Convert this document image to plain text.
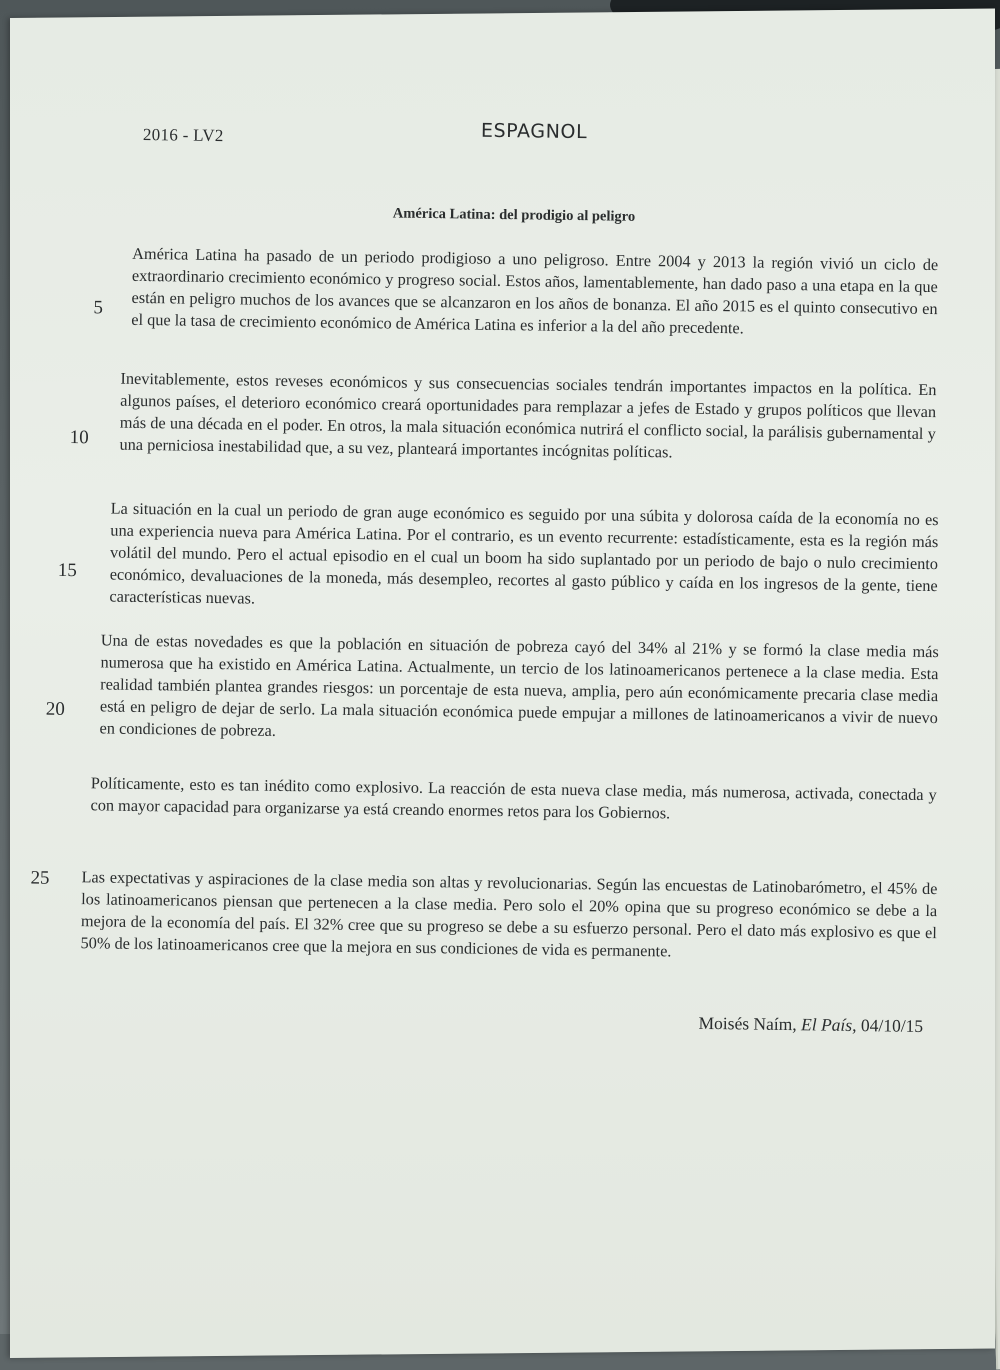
2016 - LV2	ESPAGNOL
América Latina: del prodigio al peligro

América Latina ha pasado de un periodo prodigioso a uno peligroso. Entre 2004 y 2013 la región vivió un ciclo de extraordinario crecimiento económico y progreso social. Estos años, lamentablemente, han dado paso a una etapa en la que están en peligro muchos de los avances que se alcanzaron en los años de bonanza. El año 2015 es el quinto consecutivo en el que la tasa de crecimiento económico de América Latina es inferior a la del año precedente.

Inevitablemente, estos reveses económicos y sus consecuencias sociales tendrán importantes impactos en la política. En algunos países, el deterioro económico creará oportunidades para remplazar a jefes de Estado y grupos políticos que llevan más de una década en el poder. En otros, la mala situación económica nutrirá el conflicto social, la parálisis gubernamental y una perniciosa inestabilidad que, a su vez, planteará importantes incógnitas políticas.

La situación en la cual un periodo de gran auge económico es seguido por una súbita y dolorosa caída de la economía no es una experiencia nueva para América Latina. Por el contrario, es un evento recurrente: estadísticamente, esta es la región más volátil del mundo. Pero el actual episodio en el cual un boom ha sido suplantado por un periodo de bajo o nulo crecimiento económico, devaluaciones de la moneda, más desempleo, recortes al gasto público y caída en los ingresos de la gente, tiene características nuevas.

Una de estas novedades es que la población en situación de pobreza cayó del 34% al 21% y se formó la clase media más numerosa que ha existido en América Latina. Actualmente, un tercio de los latinoamericanos pertenece a la clase media. Esta realidad también plantea grandes riesgos: un porcentaje de esta nueva, amplia, pero aún económicamente precaria clase media está en peligro de dejar de serlo. La mala situación económica puede empujar a millones de latinoamericanos a vivir de nuevo en condiciones de pobreza.

Políticamente, esto es tan inédito como explosivo. La reacción de esta nueva clase media, más numerosa, activada, conectada y con mayor capacidad para organizarse ya está creando enormes retos para los Gobiernos.

Las expectativas y aspiraciones de la clase media son altas y revolucionarias. Según las encuestas de Latinobarómetro, el 45% de los latinoamericanos piensan que pertenecen a la clase media. Pero solo el 20% opina que su progreso económico se debe a la mejora de la economía del país. El 32% cree que su progreso se debe a su esfuerzo personal. Pero el dato más explosivo es que el 50% de los latinoamericanos cree que la mejora en sus condiciones de vida es permanente.

5
10
15
20
25
Moisés Naím, El País, 04/10/15
